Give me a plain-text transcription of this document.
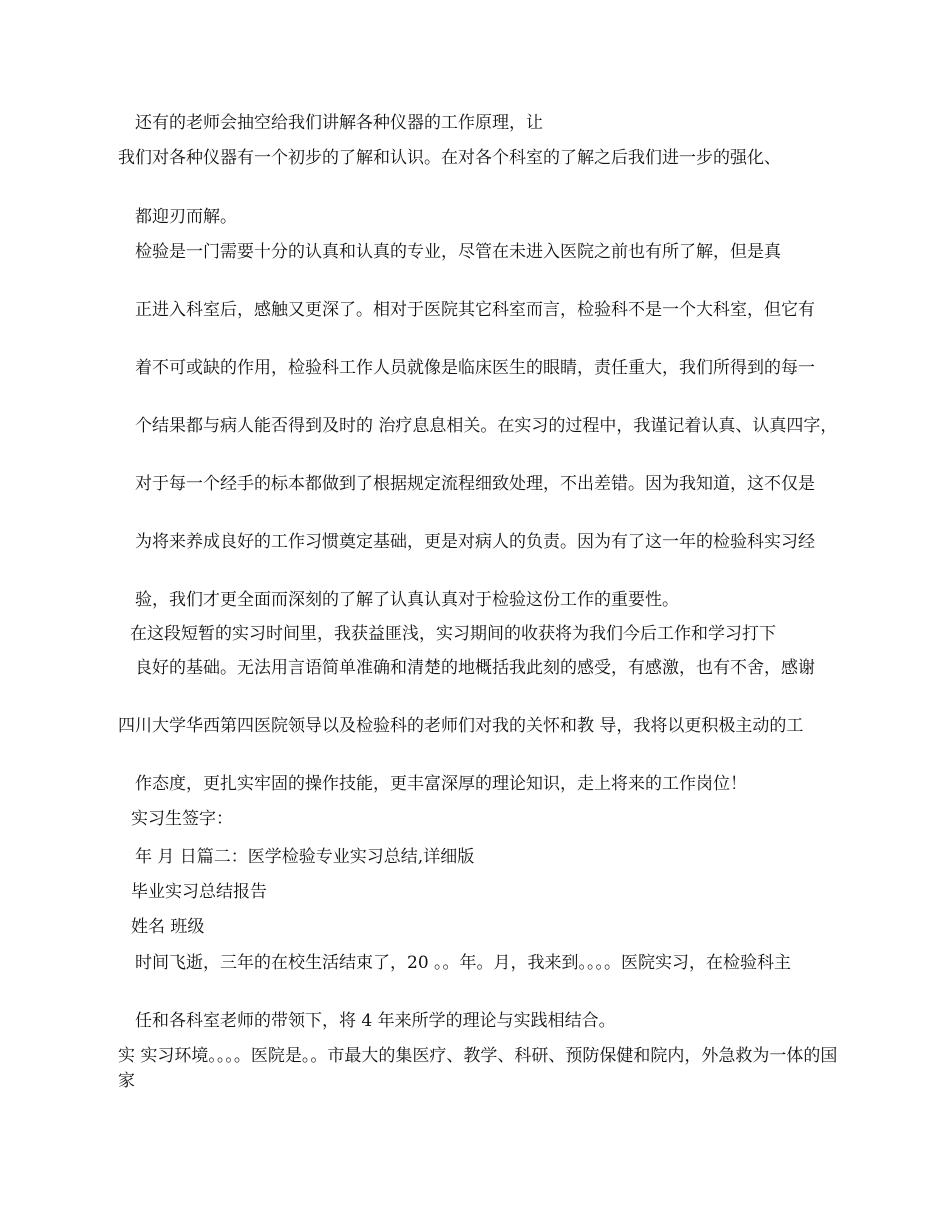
还有的老师会抽空给我们讲解各种仪器的工作原理，让
我们对各种仪器有一个初步的了解和认识。在对各个科室的了解之后我们进一步的强化、
都迎刃而解。
检验是一门需要十分的认真和认真的专业，尽管在未进入医院之前也有所了解，但是真
正进入科室后，感触又更深了。相对于医院其它科室而言，检验科不是一个大科室，但它有
着不可或缺的作用，检验科工作人员就像是临床医生的眼睛，责任重大，我们所得到的每一
个结果都与病人能否得到及时的 治疗息息相关。在实习的过程中，我谨记着认真、认真四字，
对于每一个经手的标本都做到了根据规定流程细致处理，不出差错。因为我知道，这不仅是
为将来养成良好的工作习惯奠定基础，更是对病人的负责。因为有了这一年的检验科实习经
验，我们才更全面而深刻的了解了认真认真对于检验这份工作的重要性。
在这段短暂的实习时间里，我获益匪浅，实习期间的收获将为我们今后工作和学习打下
良好的基础。无法用言语简单准确和清楚的地概括我此刻的感受，有感激，也有不舍，感谢
四川大学华西第四医院领导以及检验科的老师们对我的关怀和教 导，我将以更积极主动的工
作态度，更扎实牢固的操作技能，更丰富深厚的理论知识，走上将来的工作岗位！
实习生签字：
年 月 日篇二：医学检验专业实习总结,详细版
毕业实习总结报告
姓名 班级
时间飞逝，三年的在校生活结束了，20 。。年。月，我来到。。。。医院实习，在检验科主
任和各科室老师的带领下，将 4 年来所学的理论与实践相结合。
实 实习环境。。。。医院是。。市最大的集医疗、教学、科研、预防保健和院内，外急救为一体的国家
